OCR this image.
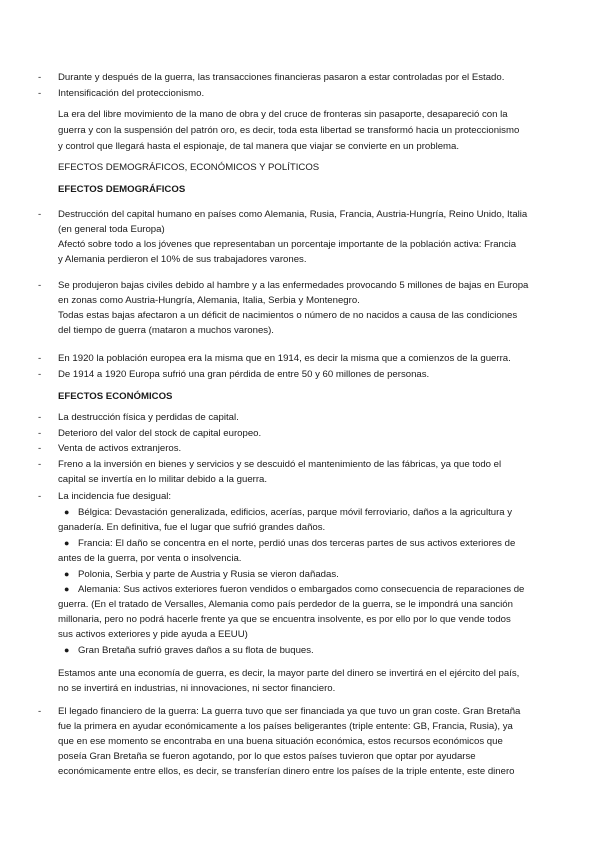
- Durante y después de la guerra, las transacciones financieras pasaron a estar controladas por el Estado.
- Intensificación del proteccionismo.
La era del libre movimiento de la mano de obra y del cruce de fronteras sin pasaporte, desapareció con la
guerra y con la suspensión del patrón oro, es decir, toda esta libertad se transformó hacia un proteccionismo
y control que llegará hasta el espionaje, de tal manera que viajar se convierte en un problema.
EFECTOS DEMOGRÁFICOS, ECONÓMICOS Y POLÍTICOS
EFECTOS DEMOGRÁFICOS
- Destrucción del capital humano en países como Alemania, Rusia, Francia, Austria-Hungría, Reino Unido, Italia
(en general toda Europa)
Afectó sobre todo a los jóvenes que representaban un porcentaje importante de la población activa: Francia
y Alemania perdieron el 10% de sus trabajadores varones.
- Se produjeron bajas civiles debido al hambre y a las enfermedades provocando 5 millones de bajas en Europa
en zonas como Austria-Hungría, Alemania, Italia, Serbia y Montenegro.
Todas estas bajas afectaron a un déficit de nacimientos o número de no nacidos a causa de las condiciones
del tiempo de guerra (mataron a muchos varones).
- En 1920 la población europea era la misma que en 1914, es decir la misma que a comienzos de la guerra.
- De 1914 a 1920 Europa sufrió una gran pérdida de entre 50 y 60 millones de personas.
EFECTOS ECONÓMICOS
- La destrucción física y perdidas de capital.
- Deterioro del valor del stock de capital europeo.
- Venta de activos extranjeros.
- Freno a la inversión en bienes y servicios y se descuidó el mantenimiento de las fábricas, ya que todo el
capital se invertía en lo militar debido a la guerra.
- La incidencia fue desigual:
● Bélgica: Devastación generalizada, edificios, acerías, parque móvil ferroviario, daños a la agricultura y
ganadería. En definitiva, fue el lugar que sufrió grandes daños.
● Francia: El daño se concentra en el norte, perdió unas dos terceras partes de sus activos exteriores de
antes de la guerra, por venta o insolvencia.
● Polonia, Serbia y parte de Austria y Rusia se vieron dañadas.
● Alemania: Sus activos exteriores fueron vendidos o embargados como consecuencia de reparaciones de
guerra. (En el tratado de Versalles, Alemania como país perdedor de la guerra, se le impondrá una sanción
millonaria, pero no podrá hacerle frente ya que se encuentra insolvente, es por ello por lo que vende todos
sus activos exteriores y pide ayuda a EEUU)
● Gran Bretaña sufrió graves daños a su flota de buques.
Estamos ante una economía de guerra, es decir, la mayor parte del dinero se invertirá en el ejército del país,
no se invertirá en industrias, ni innovaciones, ni sector financiero.
- El legado financiero de la guerra: La guerra tuvo que ser financiada ya que tuvo un gran coste. Gran Bretaña
fue la primera en ayudar económicamente a los países beligerantes (triple entente: GB, Francia, Rusia), ya
que en ese momento se encontraba en una buena situación económica, estos recursos económicos que
poseía Gran Bretaña se fueron agotando, por lo que estos países tuvieron que optar por ayudarse
económicamente entre ellos, es decir, se transferían dinero entre los países de la triple entente, este dinero
